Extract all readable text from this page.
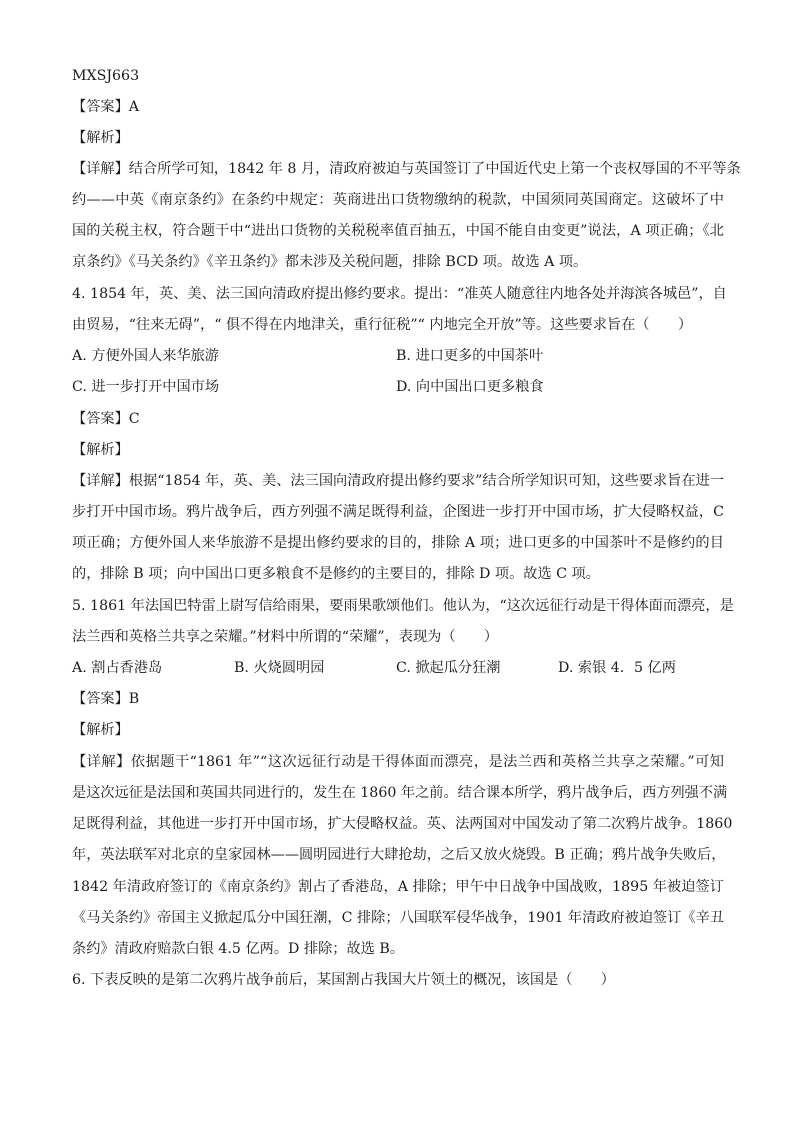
MXSJ663
【答案】A
【解析】
【详解】结合所学可知，1842 年 8 月，清政府被迫与英国签订了中国近代史上第一个丧权辱国的不平等条
约——中英《南京条约》在条约中规定：英商进出口货物缴纳的税款，中国须同英国商定。这破坏了中
国的关税主权，符合题干中“进出口货物的关税税率值百抽五，中国不能自由变更”说法，A 项正确；《北
京条约》《马关条约》《辛丑条约》都未涉及关税问题，排除 BCD 项。故选 A 项。
4. 1854 年，英、美、法三国向清政府提出修约要求。提出：“准英人随意往内地各处并海滨各城邑”，自
由贸易，“往来无碍”，“ 俱不得在内地津关，重行征税”“ 内地完全开放”等。这些要求旨在（　　）
A. 方便外国人来华旅游	B. 进口更多的中国茶叶
C. 进一步打开中国市场	D. 向中国出口更多粮食
【答案】C
【解析】
【详解】根据“1854 年，英、美、法三国向清政府提出修约要求”结合所学知识可知，这些要求旨在进一
步打开中国市场。鸦片战争后，西方列强不满足既得利益，企图进一步打开中国市场，扩大侵略权益，C
项正确；方便外国人来华旅游不是提出修约要求的目的，排除 A 项；进口更多的中国茶叶不是修约的目
的，排除 B 项；向中国出口更多粮食不是修约的主要目的，排除 D 项。故选 C 项。
5. 1861 年法国巴特雷上尉写信给雨果，要雨果歌颂他们。他认为，“这次远征行动是干得体面而漂亮，是
法兰西和英格兰共享之荣耀。”材料中所谓的“荣耀”，表现为（　　）
A. 割占香港岛	B. 火烧圆明园	C. 掀起瓜分狂潮	D. 索银 4．5 亿两
【答案】B
【解析】
【详解】依据题干“1861 年”“这次远征行动是干得体面而漂亮，是法兰西和英格兰共享之荣耀。”可知
是这次远征是法国和英国共同进行的，发生在 1860 年之前。结合课本所学，鸦片战争后，西方列强不满
足既得利益，其他进一步打开中国市场，扩大侵略权益。英、法两国对中国发动了第二次鸦片战争。1860
年，英法联军对北京的皇家园林——圆明园进行大肆抢劫，之后又放火烧毁。B 正确；鸦片战争失败后，
1842 年清政府签订的《南京条约》割占了香港岛，A 排除；甲午中日战争中国战败，1895 年被迫签订
《马关条约》帝国主义掀起瓜分中国狂潮，C 排除；八国联军侵华战争，1901 年清政府被迫签订《辛丑
条约》清政府赔款白银 4.5 亿两。D 排除；故选 B。
6. 下表反映的是第二次鸦片战争前后，某国割占我国大片领土的概况，该国是（　　）
